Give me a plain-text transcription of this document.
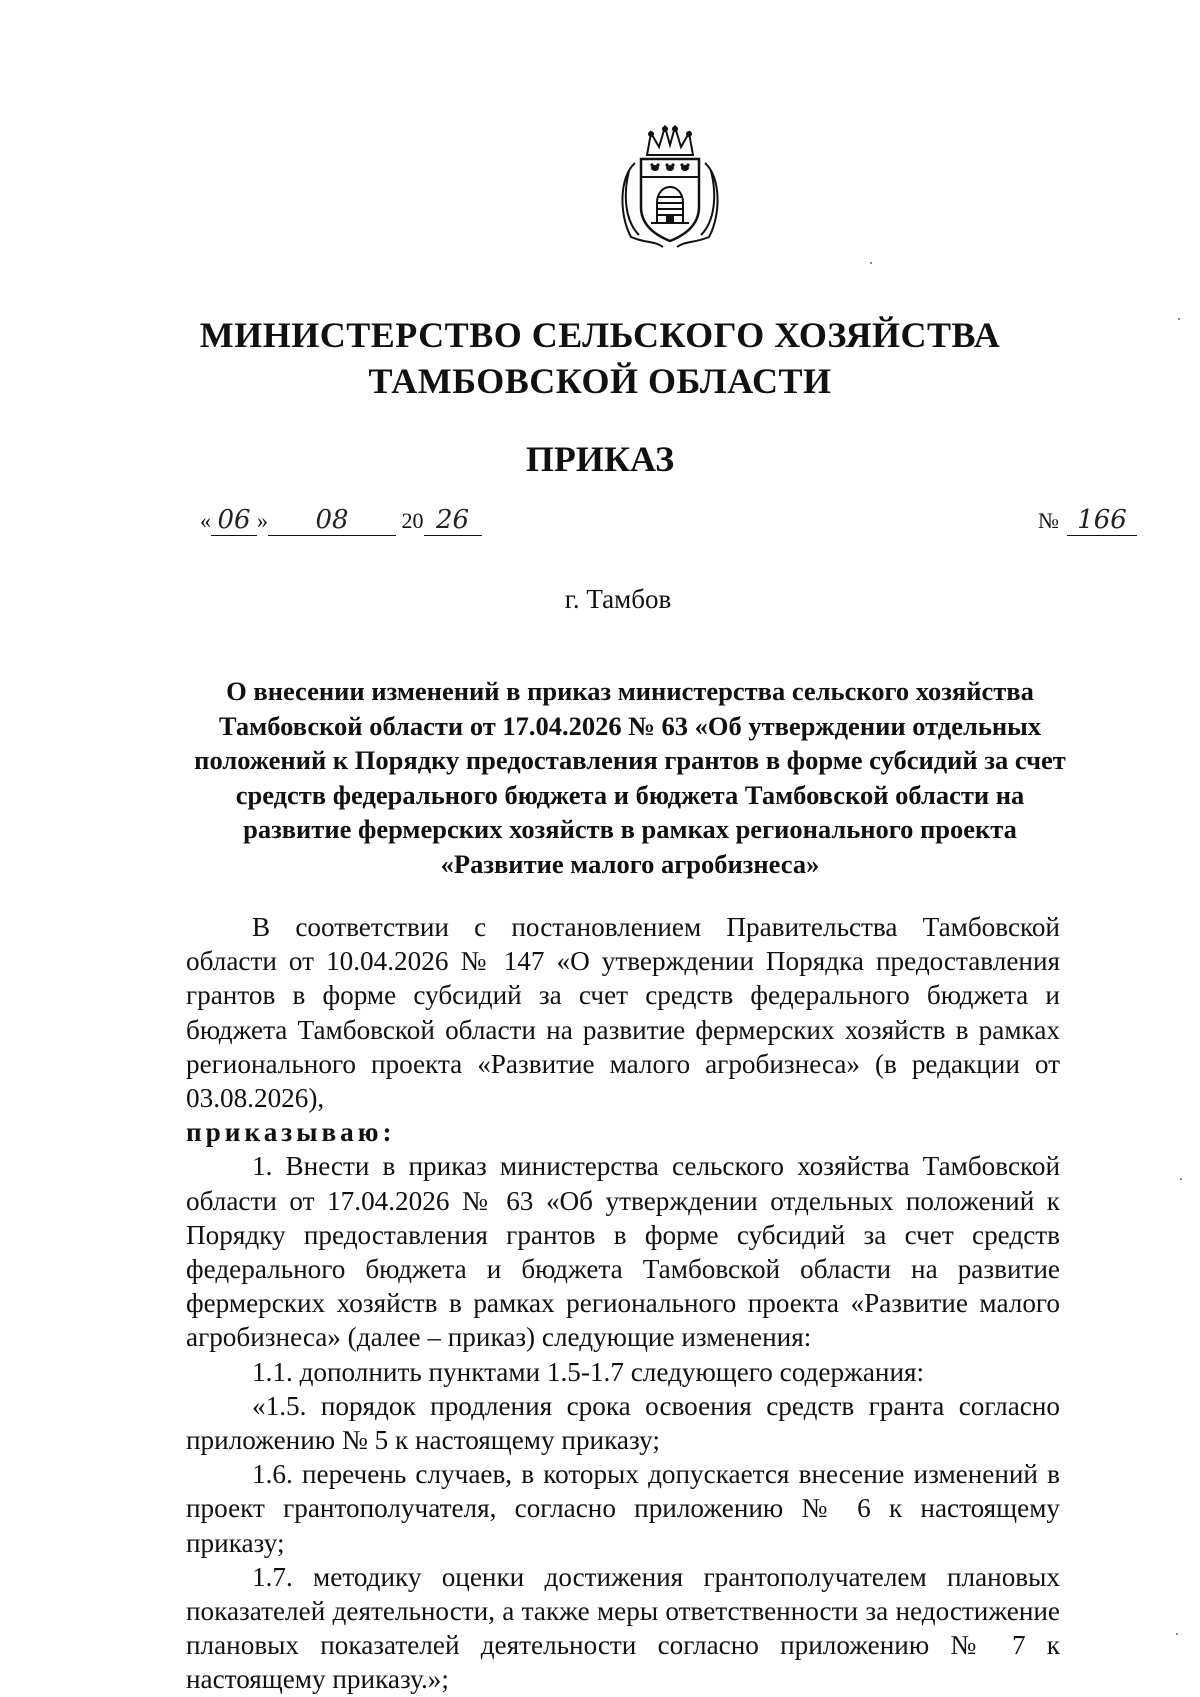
МИНИСТЕРСТВО СЕЛЬСКОГО ХОЗЯЙСТВА
ТАМБОВСКОЙ ОБЛАСТИ
ПРИКАЗ
« 06 » 08 20 26	№ 166
г. Тамбов
О внесении изменений в приказ министерства сельского хозяйства Тамбовской области от 17.04.2026 № 63 «Об утверждении отдельных положений к Порядку предоставления грантов в форме субсидий за счет средств федерального бюджета и бюджета Тамбовской области на развитие фермерских хозяйств в рамках регионального проекта «Развитие малого агробизнеса»

В соответствии с постановлением Правительства Тамбовской области от 10.04.2026 № 147 «О утверждении Порядка предоставления грантов в форме субсидий за счет средств федерального бюджета и бюджета Тамбовской области на развитие фермерских хозяйств в рамках регионального проекта «Развитие малого агробизнеса» (в редакции от 03.08.2026),

приказываю:

1. Внести в приказ министерства сельского хозяйства Тамбовской области от 17.04.2026 № 63 «Об утверждении отдельных положений к Порядку предоставления грантов в форме субсидий за счет средств федерального бюджета и бюджета Тамбовской области на развитие фермерских хозяйств в рамках регионального проекта «Развитие малого агробизнеса» (далее – приказ) следующие изменения:

1.1. дополнить пунктами 1.5-1.7 следующего содержания:

«1.5. порядок продления срока освоения средств гранта согласно приложению № 5 к настоящему приказу;

1.6. перечень случаев, в которых допускается внесение изменений в проект грантополучателя, согласно приложению № 6 к настоящему приказу;

1.7. методику оценки достижения грантополучателем плановых показателей деятельности, а также меры ответственности за недостижение плановых показателей деятельности согласно приложению № 7 к настоящему приказу.»;
